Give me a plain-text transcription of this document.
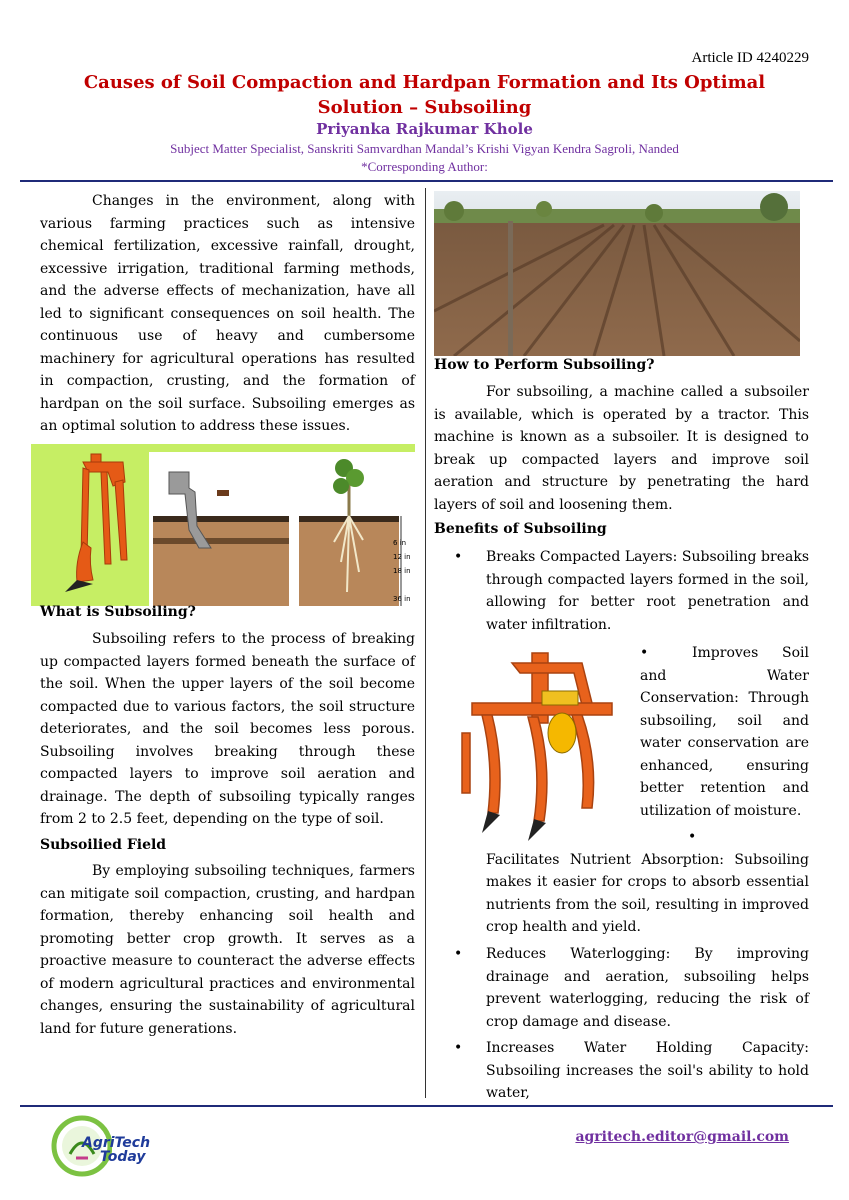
Article ID 4240229
Causes of Soil Compaction and Hardpan Formation and Its Optimal Solution – Subsoiling
Priyanka Rajkumar Khole
Subject Matter Specialist, Sanskriti Samvardhan Mandal’s Krishi Vigyan Kendra Sagroli, Nanded
*Corresponding Author:
Changes in the environment, along with various farming practices such as intensive chemical fertilization, excessive rainfall, drought, excessive irrigation, traditional farming methods, and the adverse effects of mechanization, have all led to significant consequences on soil health. The continuous use of heavy and cumbersome machinery for agricultural operations has resulted in compaction, crusting, and the formation of hardpan on the soil surface. Subsoiling emerges as an optimal solution to address these issues.
6 in
12 in
18 in
36 in
What is Subsoiling?
Subsoiling refers to the process of breaking up compacted layers formed beneath the surface of the soil. When the upper layers of the soil become compacted due to various factors, the soil structure deteriorates, and the soil becomes less porous. Subsoiling involves breaking through these compacted layers to improve soil aeration and drainage. The depth of subsoiling typically ranges from 2 to 2.5 feet, depending on the type of soil.
Subsoilied Field
By employing subsoiling techniques, farmers can mitigate soil compaction, crusting, and hardpan formation, thereby enhancing soil health and promoting better crop growth. It serves as a proactive measure to counteract the adverse effects of modern agricultural practices and environmental changes, ensuring the sustainability of agricultural land for future generations.
How to Perform Subsoiling?
For subsoiling, a machine called a subsoiler is available, which is operated by a tractor. This machine is known as a subsoiler. It is designed to break up compacted layers and improve soil aeration and structure by penetrating the hard layers of soil and loosening them.
Benefits of Subsoiling
• Breaks Compacted Layers: Subsoiling breaks through compacted layers formed in the soil, allowing for better root penetration and water infiltration.
•	Improves Soil and Water Conservation: Through subsoiling, soil and water conservation are enhanced, ensuring better retention and utilization of moisture.
•Facilitates Nutrient Absorption: Subsoiling makes it easier for crops to absorb essential nutrients from the soil, resulting in improved crop health and yield.
• Reduces Waterlogging: By improving drainage and aeration, subsoiling helps prevent waterlogging, reducing the risk of crop damage and disease.
• Increases Water Holding Capacity: Subsoiling increases the soil's ability to hold water,
AgriTech
Today
agritech.editor@gmail.com
